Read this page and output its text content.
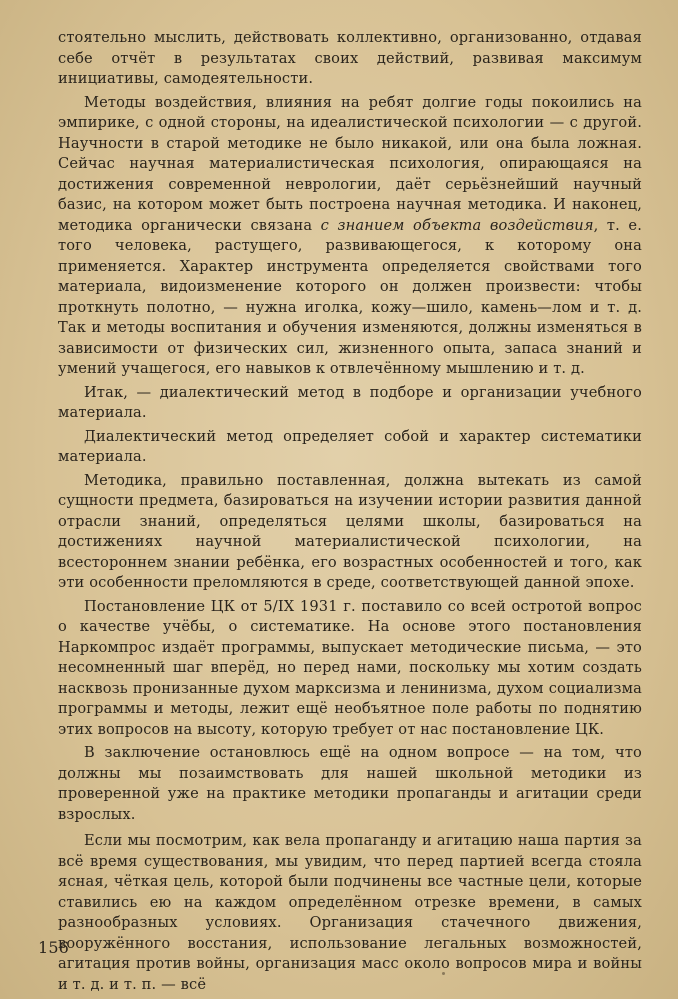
стоятельно мыслить, действовать коллективно, организованно, отдавая себе отчёт в результатах своих действий, развивая максимум инициативы, самодеятельности.

Методы воздействия, влияния на ребят долгие годы покоились на эмпирике, с одной стороны, на идеалистической психологии — с другой. Научности в старой методике не было никакой, или она была ложная. Сейчас научная материалистическая психология, опирающаяся на достижения современной неврологии, даёт серьёзнейший научный базис, на котором может быть построена научная методика. И наконец, методика органически связана с знанием объекта воздействия, т. е. того человека, растущего, развивающегося, к которому она применяется. Характер инструмента определяется свойствами того материала, видоизменение которого он должен произвести: чтобы проткнуть полотно, — нужна иголка, кожу—шило, камень—лом и т. д. Так и методы воспитания и обучения изменяются, должны изменяться в зависимости от физических сил, жизненного опыта, запаса знаний и умений учащегося, его навыков к отвлечённому мышлению и т. д.

Итак, — диалектический метод в подборе и организации учебного материала.

Диалектический метод определяет собой и характер систематики материала.

Методика, правильно поставленная, должна вытекать из самой сущности предмета, базироваться на изучении истории развития данной отрасли знаний, определяться целями школы, базироваться на достижениях научной материалистической психологии, на всестороннем знании ребёнка, его возрастных особенностей и того, как эти особенности преломляются в среде, соответствующей данной эпохе.

Постановление ЦК от 5/IX 1931 г. поставило со всей остротой вопрос о качестве учёбы, о систематике. На основе этого постановления Наркомпрос издаёт программы, выпускает методические письма, — это несомненный шаг вперёд, но перед нами, поскольку мы хотим создать насквозь пронизанные духом марксизма и ленинизма, духом социализма программы и методы, лежит ещё необъятное поле работы по поднятию этих вопросов на высоту, которую требует от нас постановление ЦК.

В заключение остановлюсь ещё на одном вопросе — на том, что должны мы позаимствовать для нашей школьной методики из проверенной уже на практике методики пропаганды и агитации среди взрослых.

Если мы посмотрим, как вела пропаганду и агитацию наша партия за всё время существования, мы увидим, что перед партией всегда стояла ясная, чёткая цель, которой были подчинены все частные цели, которые ставились ею на каждом определённом отрезке времени, в самых разнообразных условиях. Организация стачечного движения, вооружённого восстания, использование легальных возможностей, агитация против войны, организация масс около вопросов мира и войны и т. д. и т. п. — всё

156
